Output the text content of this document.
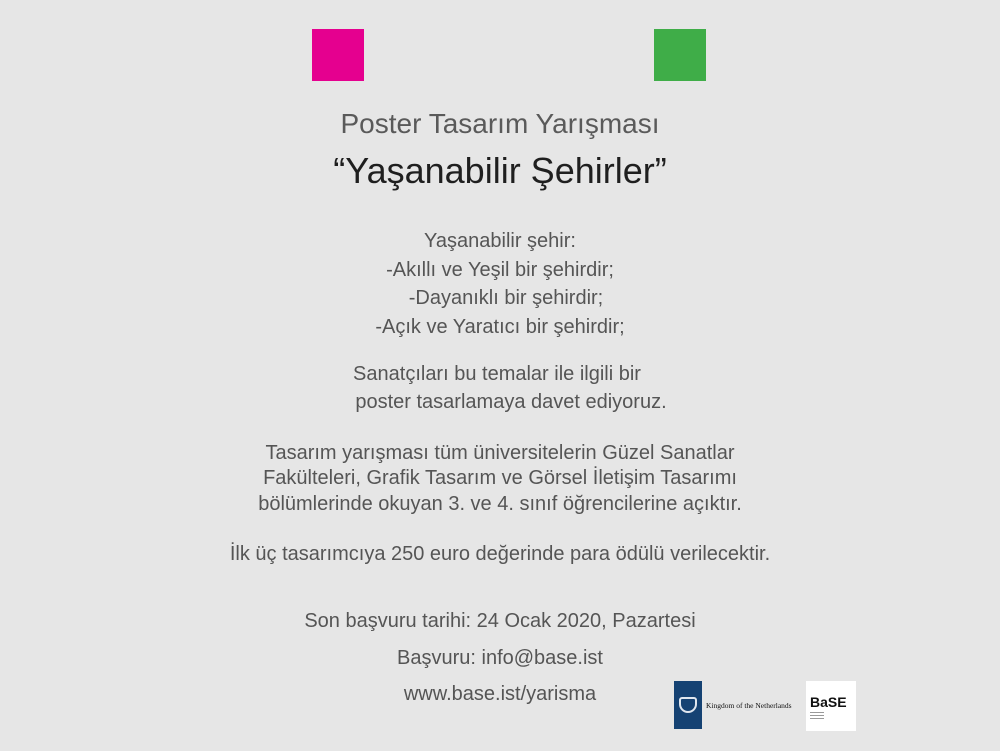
Poster Tasarım Yarışması
“Yaşanabilir Şehirler”
Yaşanabilir şehir:
-Akıllı ve Yeşil bir şehirdir;
-Dayanıklı bir şehirdir;
-Açık ve Yaratıcı bir şehirdir;
Sanatçıları bu temalar ile ilgili bir
poster tasarlamaya davet ediyoruz.
Tasarım yarışması tüm üniversitelerin Güzel Sanatlar
Fakülteleri, Grafik Tasarım ve Görsel İletişim Tasarımı
bölümlerinde okuyan 3. ve 4. sınıf öğrencilerine açıktır.
İlk üç tasarımcıya 250 euro değerinde para ödülü verilecektir.
Son başvuru tarihi: 24 Ocak 2020, Pazartesi
Başvuru: info@base.ist
www.base.ist/yarisma	Kingdom of the Netherlands BaSE
